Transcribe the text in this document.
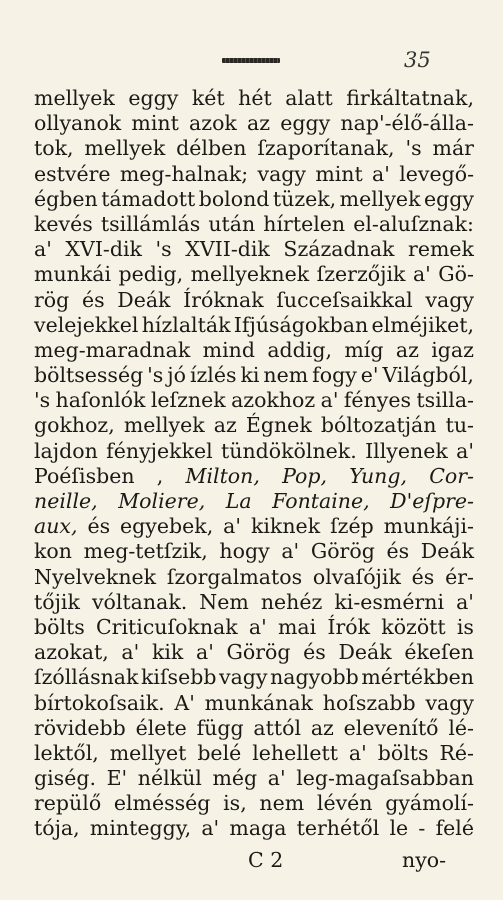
35
mellyek eggy két hét alatt firkáltatnak,
ollyanok mint azok az eggy nap'-élő-álla-
tok, mellyek délben ſzaporítanak, 's már
estvére meg-halnak; vagy mint a' levegő-
égben támadott bolond tüzek, mellyek eggy
kevés tsillámlás után hírtelen el-aluſznak:
a' XVI-dik 's XVII-dik Századnak remek
munkái pedig, mellyeknek ſzerzőjik a' Gö-
rög és Deák Íróknak ſucceſsaikkal vagy
velejekkel hízlalták Ifjúságokban elméjiket,
meg-maradnak mind addig, míg az igaz
böltsesség 's jó ízlés ki nem fogy e' Világból,
's haſonlók leſznek azokhoz a' fényes tsilla-
gokhoz, mellyek az Égnek bóltozatján tu-
lajdon fényjekkel tündökölnek. Illyenek a'
Poéſisben , Milton, Pop, Yung, Cor-
neille, Moliere, La Fontaine, D'eſpre-
aux, és egyebek, a' kiknek ſzép munkáji-
kon meg-tetſzik, hogy a' Görög és Deák
Nyelveknek ſzorgalmatos olvaſójik és ér-
tőjik vóltanak. Nem nehéz ki-esmérni a'
bölts Criticuſoknak a' mai Írók között is
azokat, a' kik a' Görög és Deák ékeſen
ſzóllásnak kiſsebb vagy nagyobb mértékben
bírtokoſsaik. A' munkának hoſszabb vagy
rövidebb élete függ attól az elevenítő lé-
lektől, mellyet belé lehellett a' bölts Ré-
giség. E' nélkül még a' leg-magaſsabban
repülő elmésség is, nem lévén gyámolí-
tója, minteggy, a' maga terhétől le - felé
C 2	nyo-
